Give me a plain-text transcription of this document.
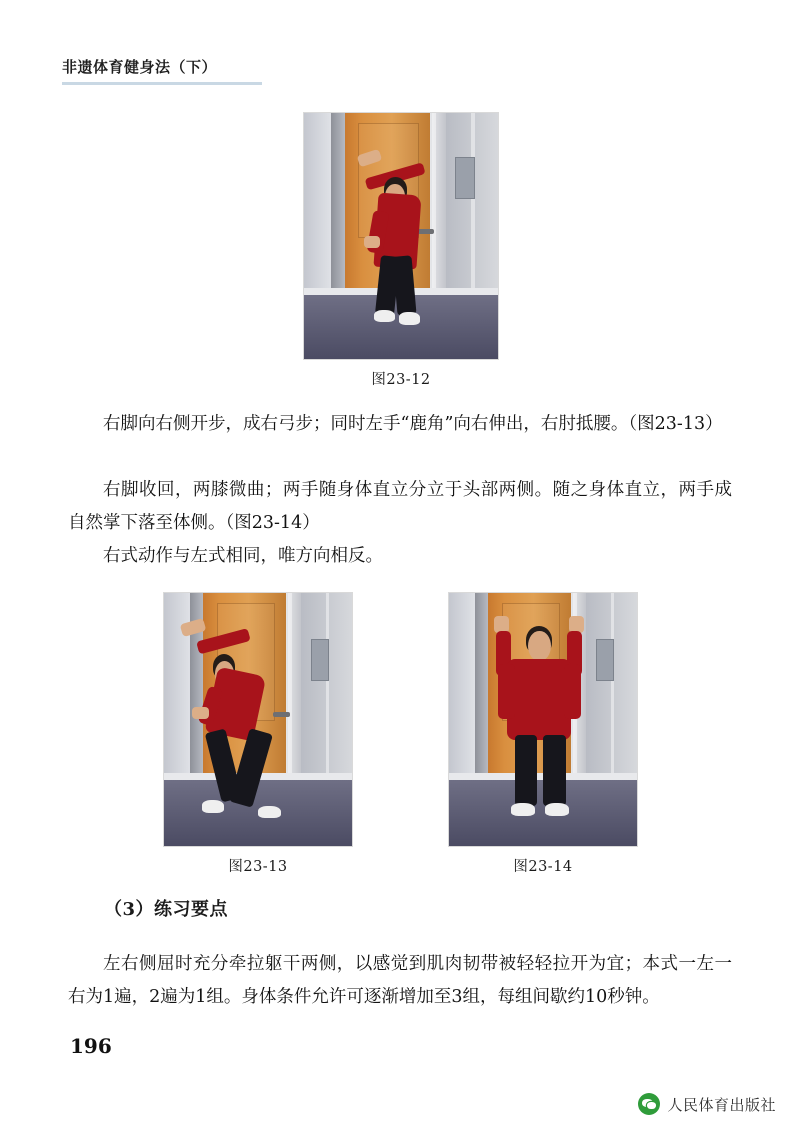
非遗体育健身法（下）
图23-12

右脚向右侧开步，成右弓步；同时左手“鹿角”向右伸出，右肘抵腰。（图23-13）

右脚收回，两膝微曲；两手随身体直立分立于头部两侧。随之身体直立，两手成自然掌下落至体侧。（图23-14）

右式动作与左式相同，唯方向相反。

图23-13	图23-14
（3）练习要点

左右侧屈时充分牵拉躯干两侧，以感觉到肌肉韧带被轻轻拉开为宜；本式一左一右为1遍，2遍为1组。身体条件允许可逐渐增加至3组，每组间歇约10秒钟。

196
人民体育出版社
